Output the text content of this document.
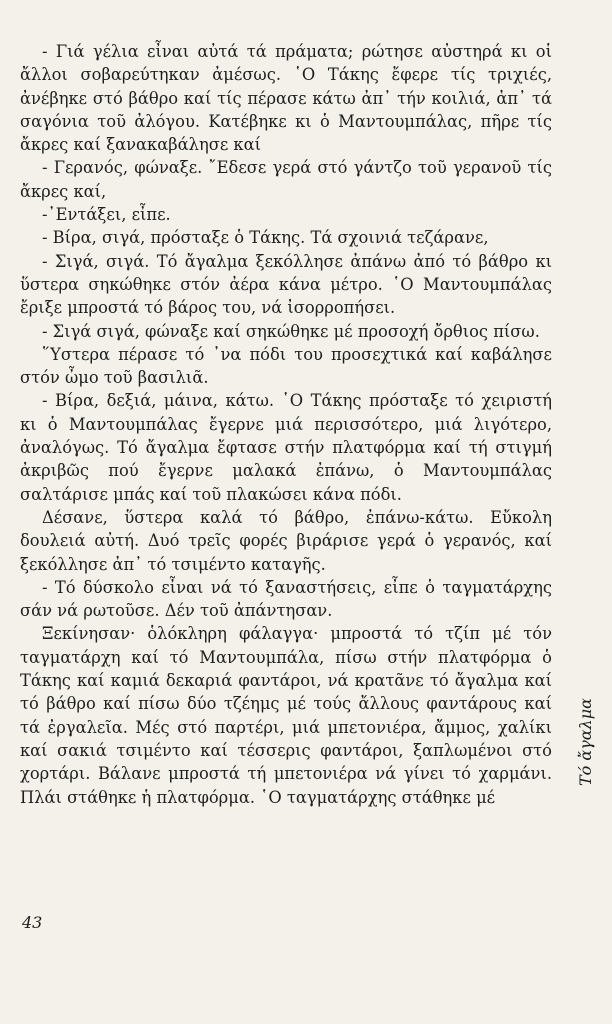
- Γιά γέλια εἶναι αὐτά τά πράματα; ρώτησε αὐστηρά κι οἱ ἄλλοι σοβαρεύτηκαν ἀμέσως. ῾Ο Τάκης ἔφερε τίς τριχιές, ἀνέβηκε στό βάθρο καί τίς πέρασε κάτω ἀπ᾽ τήν κοιλιά, ἀπ᾽ τά σαγόνια τοῦ ἀλόγου. Κατέβηκε κι ὁ Μαντουμπάλας, πῆρε τίς ἄκρες καί ξανακαβάλησε καί

- Γερανός, φώναξε. ῎Εδεσε γερά στό γάντζο τοῦ γερανοῦ τίς ἄκρες καί,

-᾽Εντάξει, εἶπε.

- Βίρα, σιγά, πρόσταξε ὁ Τάκης. Τά σχοινιά τεζάρανε,

- Σιγά, σιγά. Τό ἄγαλμα ξεκόλλησε ἀπάνω ἀπό τό βάθρο κι ὕστερα σηκώθηκε στόν ἀέρα κάνα μέτρο. ῾Ο Μαντουμπάλας ἔριξε μπροστά τό βάρος του, νά ἰσορροπήσει.

- Σιγά σιγά, φώναξε καί σηκώθηκε μέ προσοχή ὄρθιος πίσω.

῞Υστερα πέρασε τό ᾽να πόδι του προσεχτικά καί καβάλησε στόν ὦμο τοῦ βασιλιᾶ.

- Βίρα, δεξιά, μάινα, κάτω. ῾Ο Τάκης πρόσταξε τό χειριστή κι ὁ Μαντουμπάλας ἔγερνε μιά περισσότερο, μιά λιγότερο, ἀναλόγως. Τό ἄγαλμα ἔφτασε στήν πλατφόρμα καί τή στιγμή ἀκριβῶς πού ἔγερνε μαλακά ἐπάνω, ὁ Μαντουμπάλας σαλτάρισε μπάς καί τοῦ πλακώσει κάνα πόδι.

Δέσανε, ὕστερα καλά τό βάθρο, ἐπάνω-κάτω. Εὔκολη δουλειά αὐτή. Δυό τρεῖς φορές βιράρισε γερά ὁ γερανός, καί ξεκόλλησε ἀπ᾽ τό τσιμέντο καταγῆς.

- Τό δύσκολο εἶναι νά τό ξαναστήσεις, εἶπε ὁ ταγματάρχης σάν νά ρωτοῦσε. Δέν τοῦ ἀπάντησαν.

Ξεκίνησαν· ὁλόκληρη φάλαγγα· μπροστά τό τζίπ μέ τόν ταγματάρχη καί τό Μαντουμπάλα, πίσω στήν πλατφόρμα ὁ Τάκης καί καμιά δεκαριά φαντάροι, νά κρατᾶνε τό ἄγαλμα καί τό βάθρο καί πίσω δύο τζέημς μέ τούς ἄλλους φαντάρους καί τά ἐργαλεῖα. Μές στό παρτέρι, μιά μπετονιέρα, ἄμμος, χαλίκι καί σακιά τσιμέντο καί τέσσερις φαντάροι, ξαπλωμένοι στό χορτάρι. Βάλανε μπροστά τή μπετονιέρα νά γίνει τό χαρμάνι. Πλάι στάθηκε ἡ πλατφόρμα. ῾Ο ταγματάρχης στάθηκε μέ

43
Τό ἄγαλμα
